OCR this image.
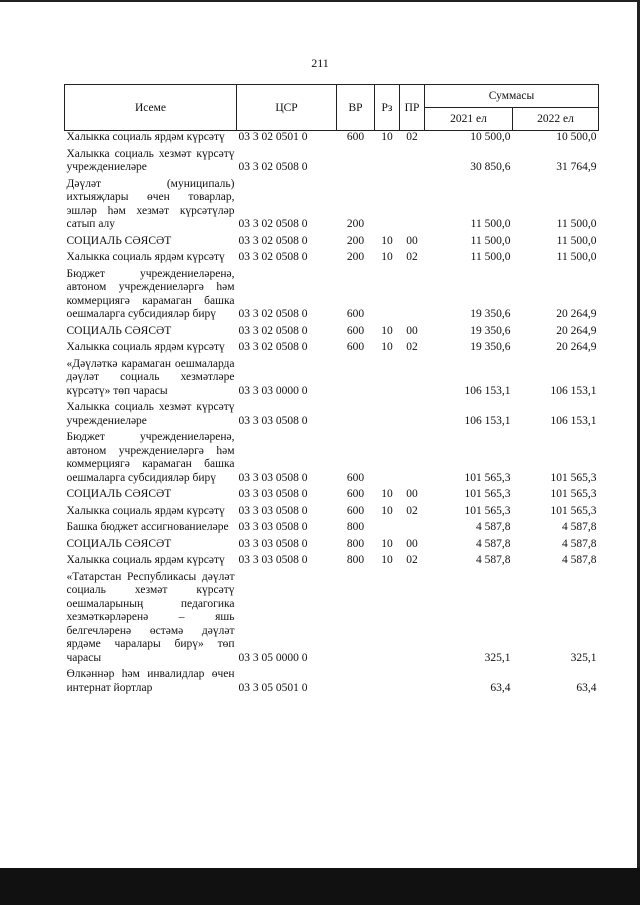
211
Исеме	ЦСР	ВР	Рз	ПР	Суммасы	
					2021 ел	2022 ел
Халыкка социаль ярдәм күрсәтү	03 3 02 0501 0	600	10	02	10 500,0	10 500,0

Халыкка социаль хезмәт күрсәтү учреждениеләре	03 3 02 0508 0				30 850,6	31 764,9

Дәүләт (муниципаль) ихтыяҗлары өчен товарлар, эшләр һәм хезмәт күрсәтүләр сатып алу	03 3 02 0508 0	200			11 500,0	11 500,0

СОЦИАЛЬ СӘЯСӘТ	03 3 02 0508 0	200	10	00	11 500,0	11 500,0

Халыкка социаль ярдәм күрсәтү	03 3 02 0508 0	200	10	02	11 500,0	11 500,0

Бюджет учреждениеләренә, автоном учреждениеләргә һәм коммерциягә карамаган башка оешмаларга субсидияләр бирү	03 3 02 0508 0	600			19 350,6	20 264,9

СОЦИАЛЬ СӘЯСӘТ	03 3 02 0508 0	600	10	00	19 350,6	20 264,9

Халыкка социаль ярдәм күрсәтү	03 3 02 0508 0	600	10	02	19 350,6	20 264,9

«Дәүләткә карамаган оешмаларда дәүләт социаль хезмәтләре күрсәтү» төп чарасы	03 3 03 0000 0				106 153,1	106 153,1

Халыкка социаль хезмәт күрсәтү учреждениеләре	03 3 03 0508 0				106 153,1	106 153,1

Бюджет учреждениеләренә, автоном учреждениеләргә һәм коммерциягә карамаган башка оешмаларга субсидияләр бирү	03 3 03 0508 0	600			101 565,3	101 565,3

СОЦИАЛЬ СӘЯСӘТ	03 3 03 0508 0	600	10	00	101 565,3	101 565,3

Халыкка социаль ярдәм күрсәтү	03 3 03 0508 0	600	10	02	101 565,3	101 565,3

Башка бюджет ассигнованиеләре	03 3 03 0508 0	800			4 587,8	4 587,8

СОЦИАЛЬ СӘЯСӘТ	03 3 03 0508 0	800	10	00	4 587,8	4 587,8

Халыкка социаль ярдәм күрсәтү	03 3 03 0508 0	800	10	02	4 587,8	4 587,8

«Татарстан Республикасы дәүләт социаль хезмәт күрсәтү оешмаларының педагогика хезмәткәрләренә – яшь белгечләренә өстәмә дәүләт ярдәме чаралары бирү» төп чарасы	03 3 05 0000 0				325,1	325,1

Өлкәннәр һәм инвалидлар өчен интернат йортлар	03 3 05 0501 0				63,4	63,4
